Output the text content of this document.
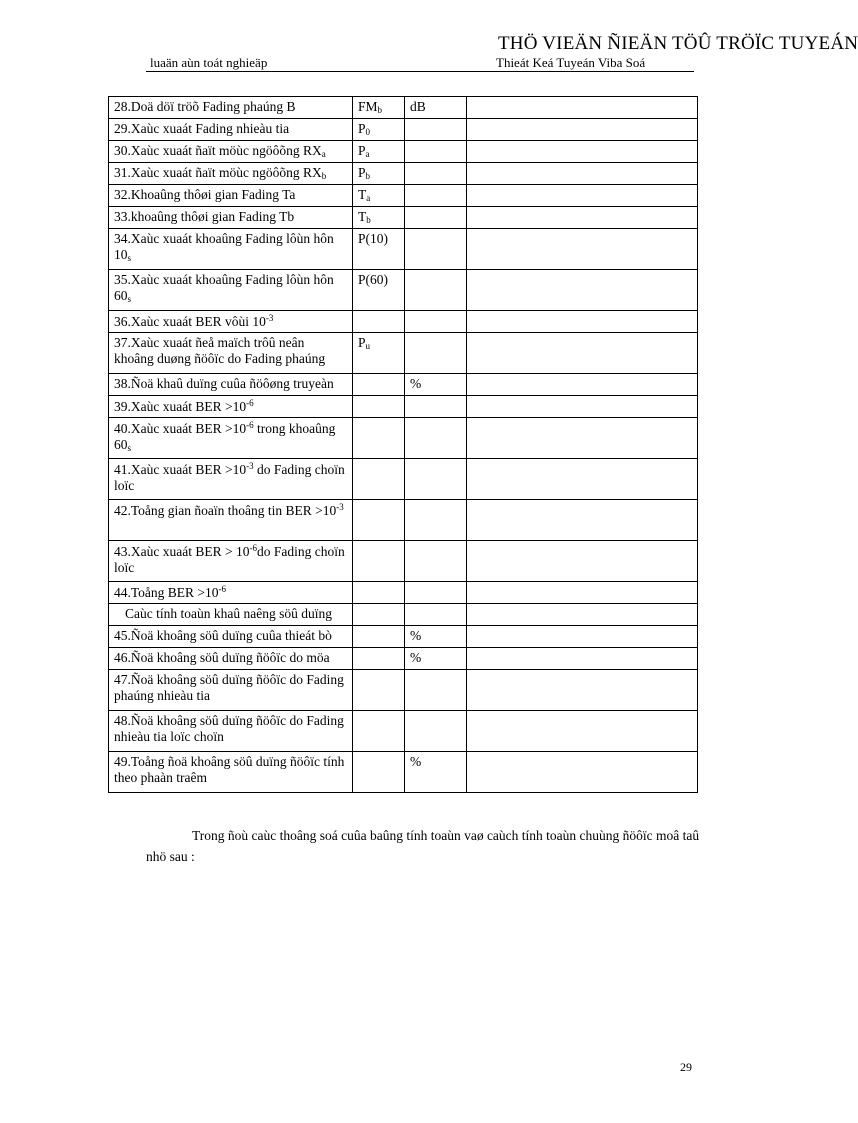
THÖ VIEÄN ÑIEÄN TÖÛ TRÖÏC TUYEÁN
luaän aùn toát nghieäp	Thieát Keá Tuyeán Viba Soá
28.Doä döï tröõ Fading phaúng B	$FM_b$	dB	
29.Xaùc xuaát Fading nhieàu tia	$P_0$		
30.Xaùc xuaát ñaït möùc ngöôõng $RX_a$	$P_a$		
31.Xaùc xuaát ñaït möùc ngöôõng $RX_b$	$P_b$		
32.Khoaûng thôøi gian Fading Ta	$T_a$		
33.khoaûng thôøi gian Fading Tb	$T_b$		
34.Xaùc xuaát khoaûng Fading lôùn hôn $10_s$	P(10)		
35.Xaùc xuaát khoaûng Fading lôùn hôn $60_s$	P(60)		
36.Xaùc xuaát BER vôùi $10^{-3}$			
37.Xaùc xuaát ñeå maïch trôû neân khoâng duøng ñöôïc do Fading phaúng	$P_u$		
38.Ñoä khaû duïng cuûa ñöôøng truyeàn		%	
39.Xaùc xuaát BER $>10^{-6}$			
40.Xaùc xuaát BER $>10^{-6}$ trong khoaûng $60_s$			
41.Xaùc xuaát BER $>10^{-3}$ do Fading choïn loïc			
42.Toång gian ñoaïn thoâng tin BER $>10^{-3}$			
43.Xaùc xuaát BER > $10^{-6}do$ Fading choïn loïc			
44.Toång BER $>10^{-6}$			
Caùc tính toaùn khaû naêng söû duïng			
45.Ñoä khoâng söû duïng cuûa thieát bò		%	
46.Ñoä khoâng söû duïng ñöôïc do möa		%	
47.Ñoä khoâng söû duïng ñöôïc do Fading phaúng nhieàu tia			
48.Ñoä khoâng söû duïng ñöôïc do Fading nhieàu tia loïc choïn			
49.Toång ñoä khoâng söû duïng ñöôïc tính theo phaàn traêm		%	
Trong ñoù caùc thoâng soá cuûa baûng tính toaùn vaø caùch tính toaùn chuùng ñöôïc moâ taû nhö sau :
29
